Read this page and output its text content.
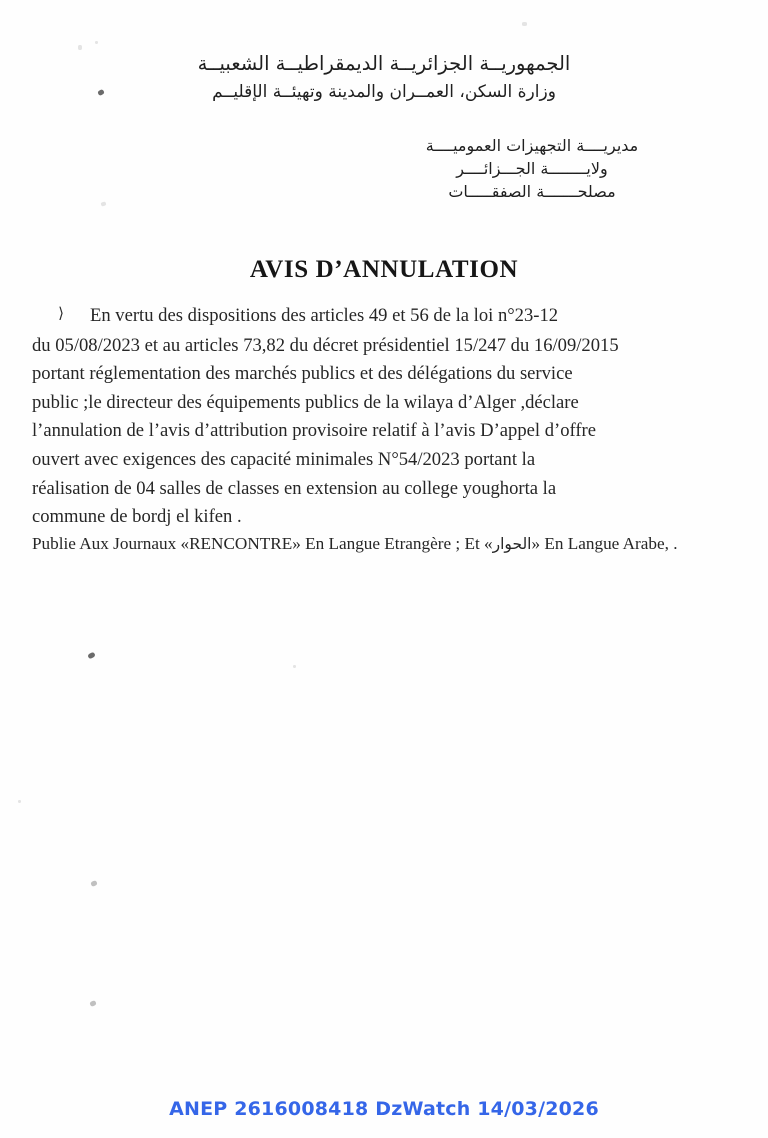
الجمهوريــة الجزائريــة الديمقراطيــة الشعبيــة
وزارة السكن، العمــران والمدينة وتهيئــة الإقليــم
مديريــــة التجهيزات العموميــــة
ولايــــــــة الجـــزائــــر
مصلحـــــــة الصفقـــــات
AVIS D’ANNULATION

⟩ En vertu des dispositions des articles 49 et 56 de la loi n°23-12

du 05/08/2023 et au articles 73,82 du décret présidentiel 15/247 du 16/09/2015

portant réglementation des marchés publics et des délégations du service

public ;le directeur des équipements publics de la wilaya d’Alger ,déclare

l’annulation de l’avis d’attribution provisoire relatif à l’avis D’appel d’offre

ouvert avec exigences des capacité minimales N°54/2023 portant la

réalisation de 04 salles de classes en extension au college youghorta la

commune de bordj el kifen .

Publie Aux Journaux «RENCONTRE» En Langue Etrangère ; Et «الحوار» En Langue Arabe, .

ANEP 2616008418 DzWatch 14/03/2026
